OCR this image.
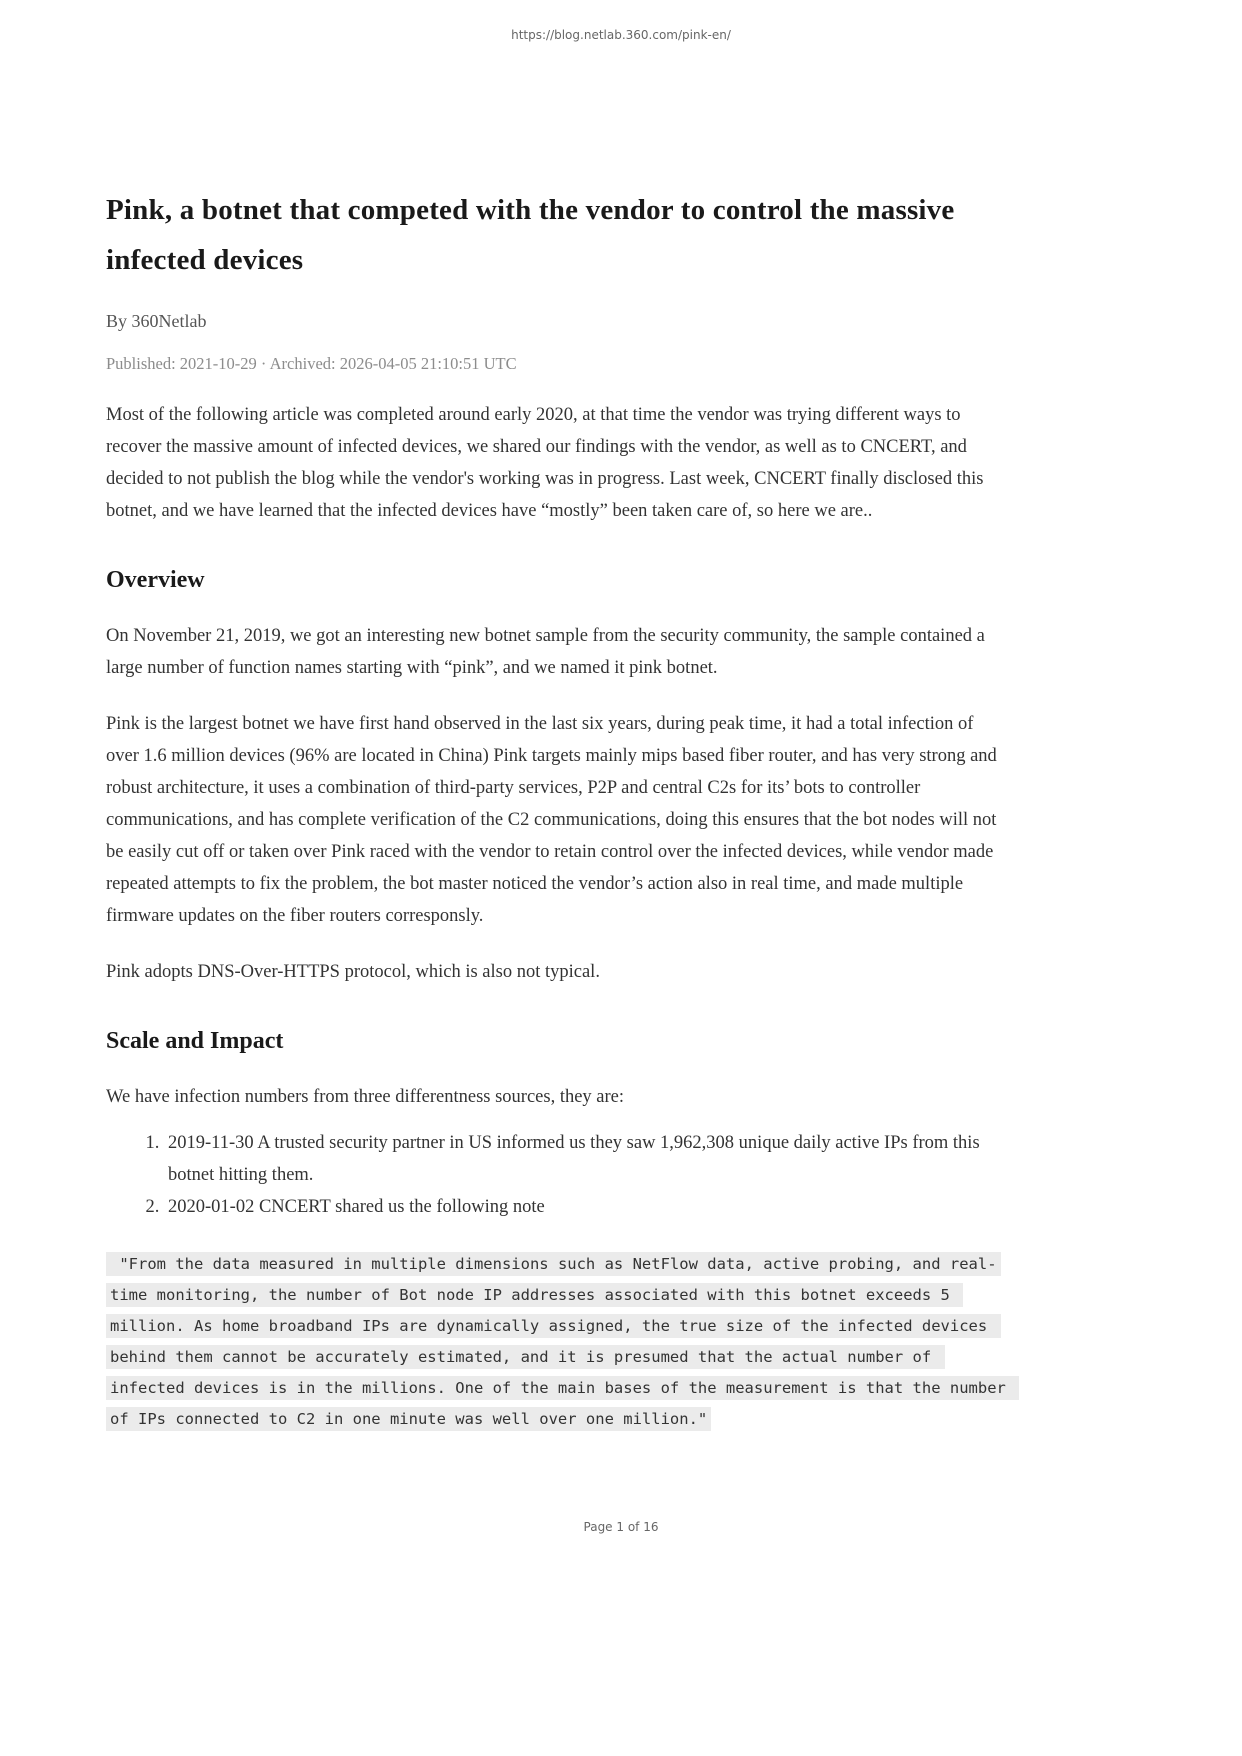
https://blog.netlab.360.com/pink-en/
Pink, a botnet that competed with the vendor to control the massive infected devices

By 360Netlab

Published: 2021-10-29 · Archived: 2026-04-05 21:10:51 UTC

Most of the following article was completed around early 2020, at that time the vendor was trying different ways to recover the massive amount of infected devices, we shared our findings with the vendor, as well as to CNCERT, and decided to not publish the blog while the vendor's working was in progress. Last week, CNCERT finally disclosed this botnet, and we have learned that the infected devices have “mostly” been taken care of, so here we are..

Overview

On November 21, 2019, we got an interesting new botnet sample from the security community, the sample contained a large number of function names starting with “pink”, and we named it pink botnet.

Pink is the largest botnet we have first hand observed in the last six years, during peak time, it had a total infection of over 1.6 million devices (96% are located in China) Pink targets mainly mips based fiber router, and has very strong and robust architecture, it uses a combination of third-party services, P2P and central C2s for its’ bots to controller communications, and has complete verification of the C2 communications, doing this ensures that the bot nodes will not be easily cut off or taken over Pink raced with the vendor to retain control over the infected devices, while vendor made repeated attempts to fix the problem, the bot master noticed the vendor’s action also in real time, and made multiple firmware updates on the fiber routers corresponsly.

Pink adopts DNS-Over-HTTPS protocol, which is also not typical.

Scale and Impact

We have infection numbers from three differentness sources, they are:

1. 2019-11-30 A trusted security partner in US informed us they saw 1,962,308 unique daily active IPs from this botnet hitting them.
2. 2020-01-02 CNCERT shared us the following note
"From the data measured in multiple dimensions such as NetFlow data, active probing, and real-time monitoring, the number of Bot node IP addresses associated with this botnet exceeds 5 million. As home broadband IPs are dynamically assigned, the true size of the infected devices behind them cannot be accurately estimated, and it is presumed that the actual number of infected devices is in the millions. One of the main bases of the measurement is that the number of IPs connected to C2 in one minute was well over one million."
Page 1 of 16
